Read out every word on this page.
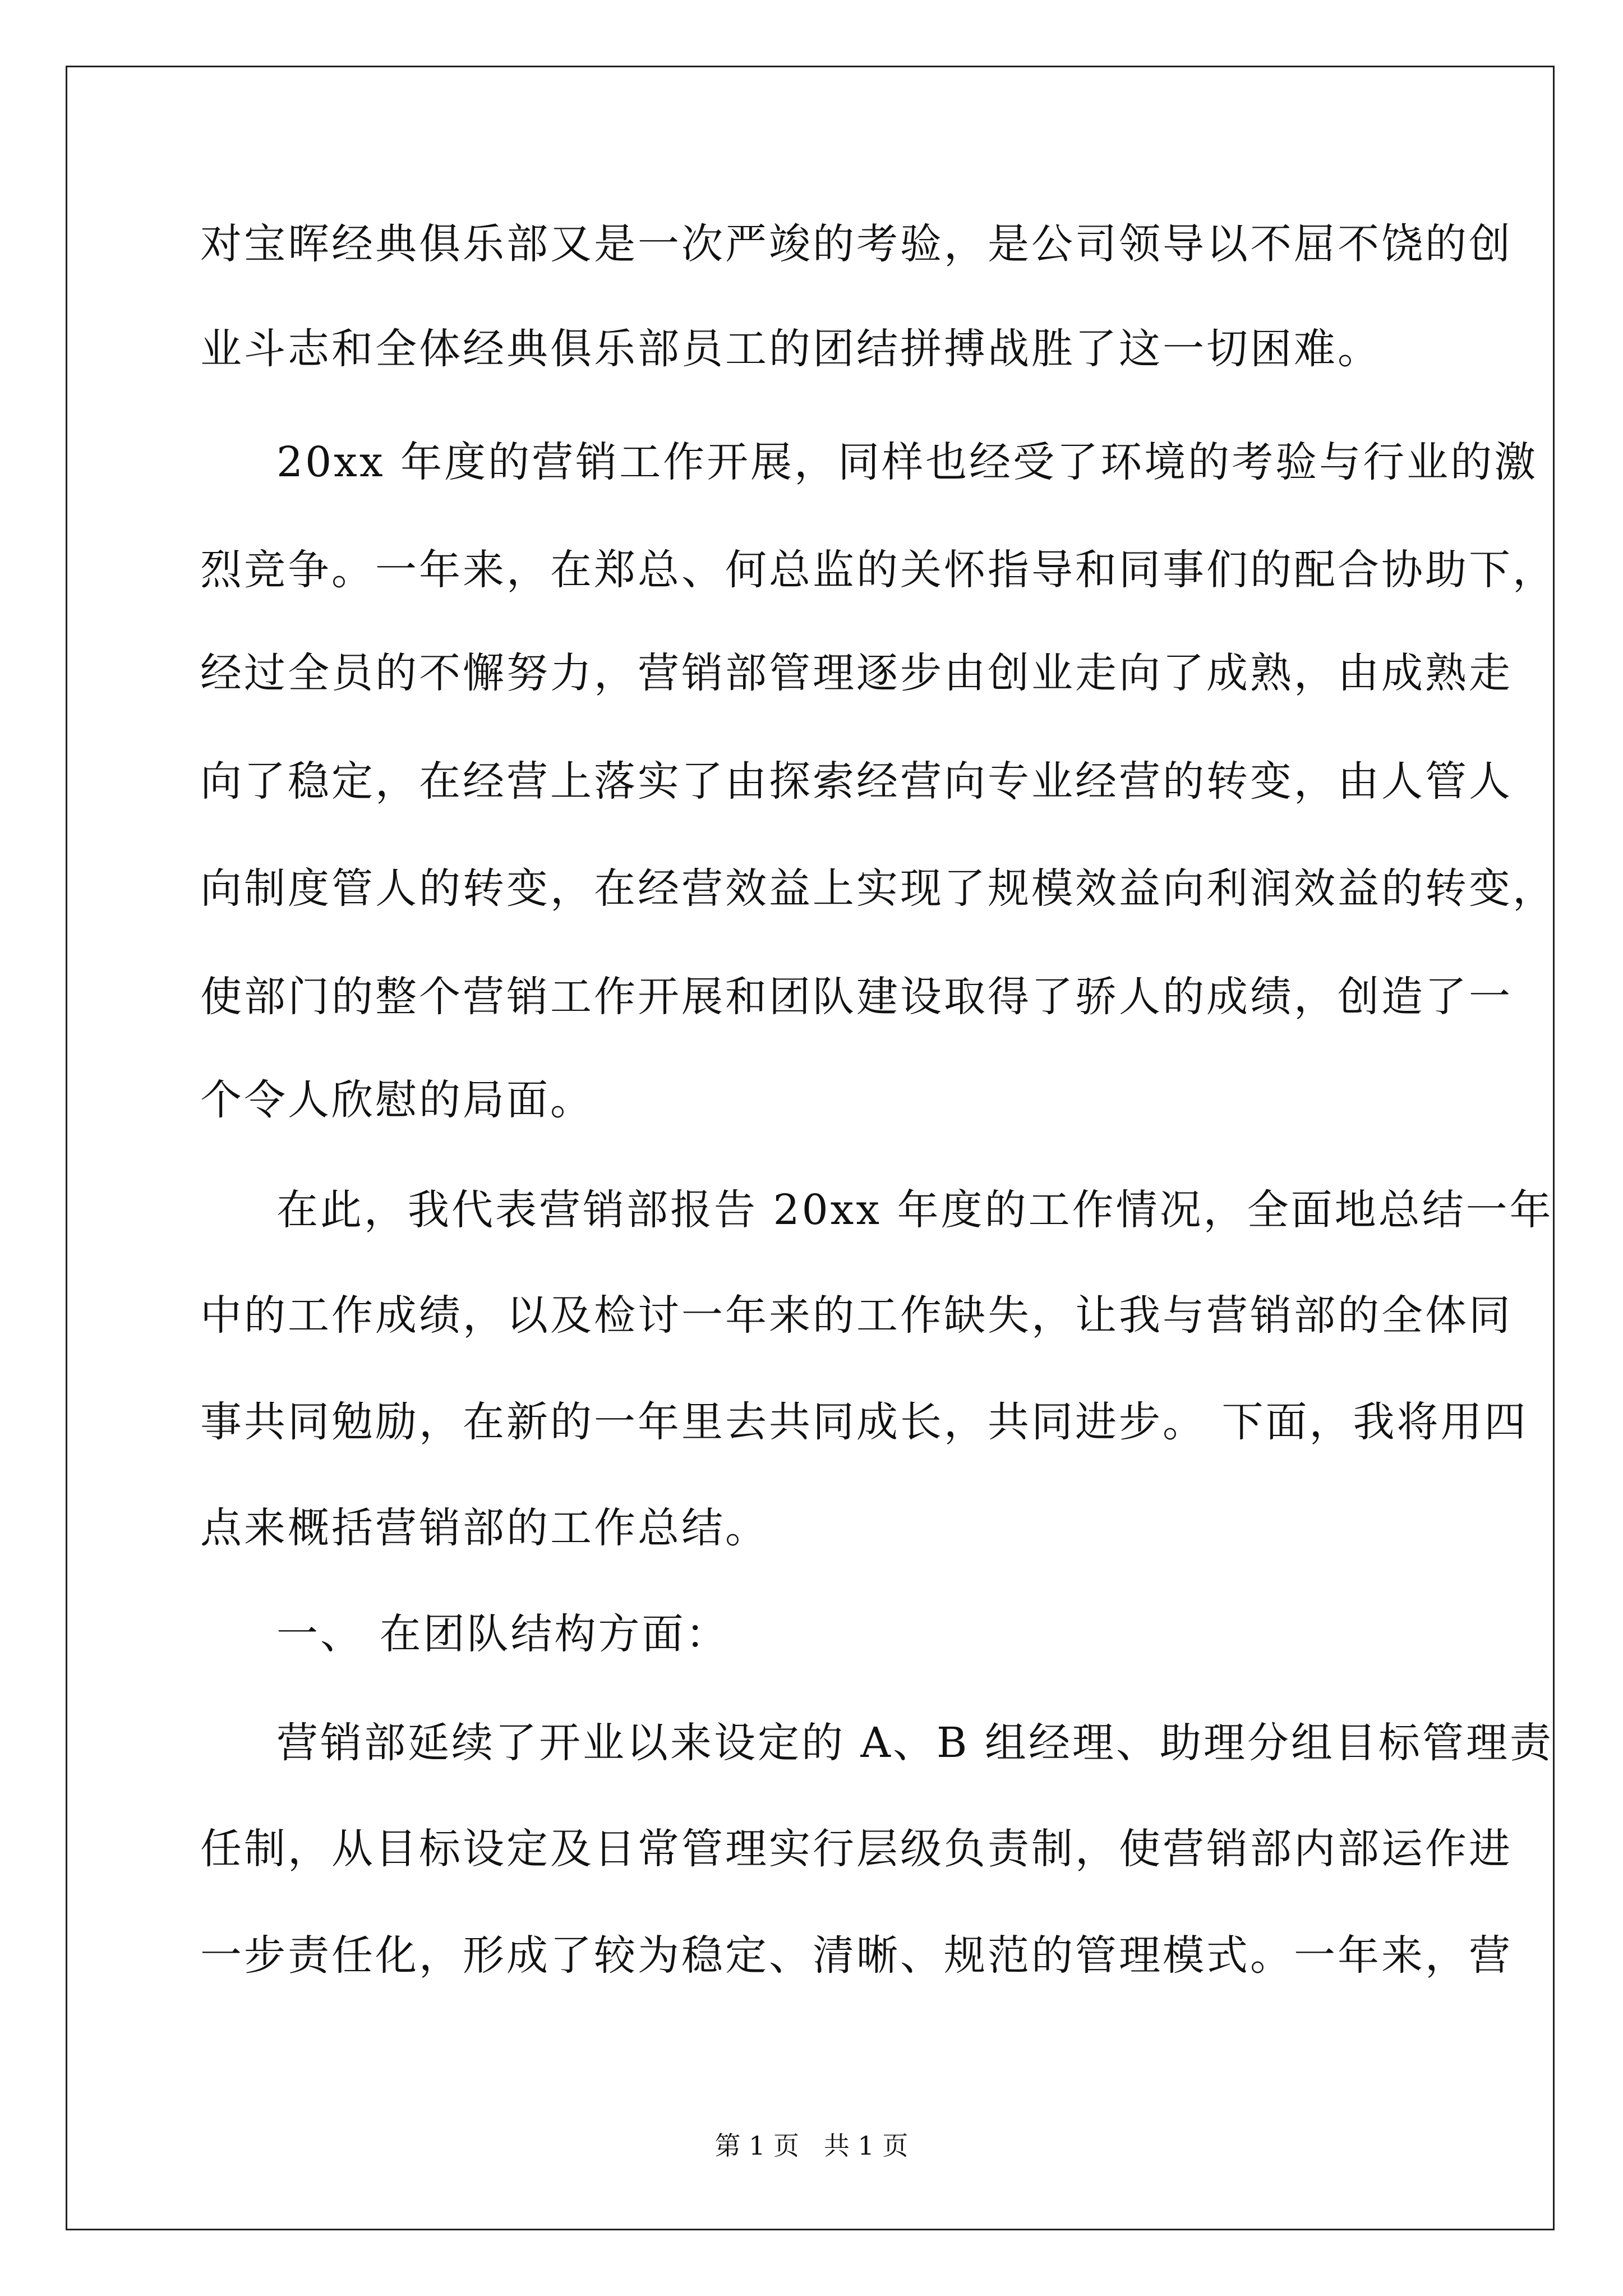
对宝晖经典俱乐部又是一次严竣的考验，是公司领导以不屈不饶的创
业斗志和全体经典俱乐部员工的团结拼搏战胜了这一切困难。
20xx 年度的营销工作开展，同样也经受了环境的考验与行业的激
烈竞争。一年来，在郑总、何总监的关怀指导和同事们的配合协助下，
经过全员的不懈努力，营销部管理逐步由创业走向了成熟，由成熟走
向了稳定，在经营上落实了由探索经营向专业经营的转变，由人管人
向制度管人的转变，在经营效益上实现了规模效益向利润效益的转变，
使部门的整个营销工作开展和团队建设取得了骄人的成绩，创造了一
个令人欣慰的局面。
在此，我代表营销部报告 20xx 年度的工作情况，全面地总结一年
中的工作成绩，以及检讨一年来的工作缺失，让我与营销部的全体同
事共同勉励，在新的一年里去共同成长，共同进步。 下面，我将用四
点来概括营销部的工作总结。
一、 在团队结构方面：
营销部延续了开业以来设定的 A、B 组经理、助理分组目标管理责
任制，从目标设定及日常管理实行层级负责制，使营销部内部运作进
一步责任化，形成了较为稳定、清晰、规范的管理模式。一年来，营
第 1 页   共 1 页
